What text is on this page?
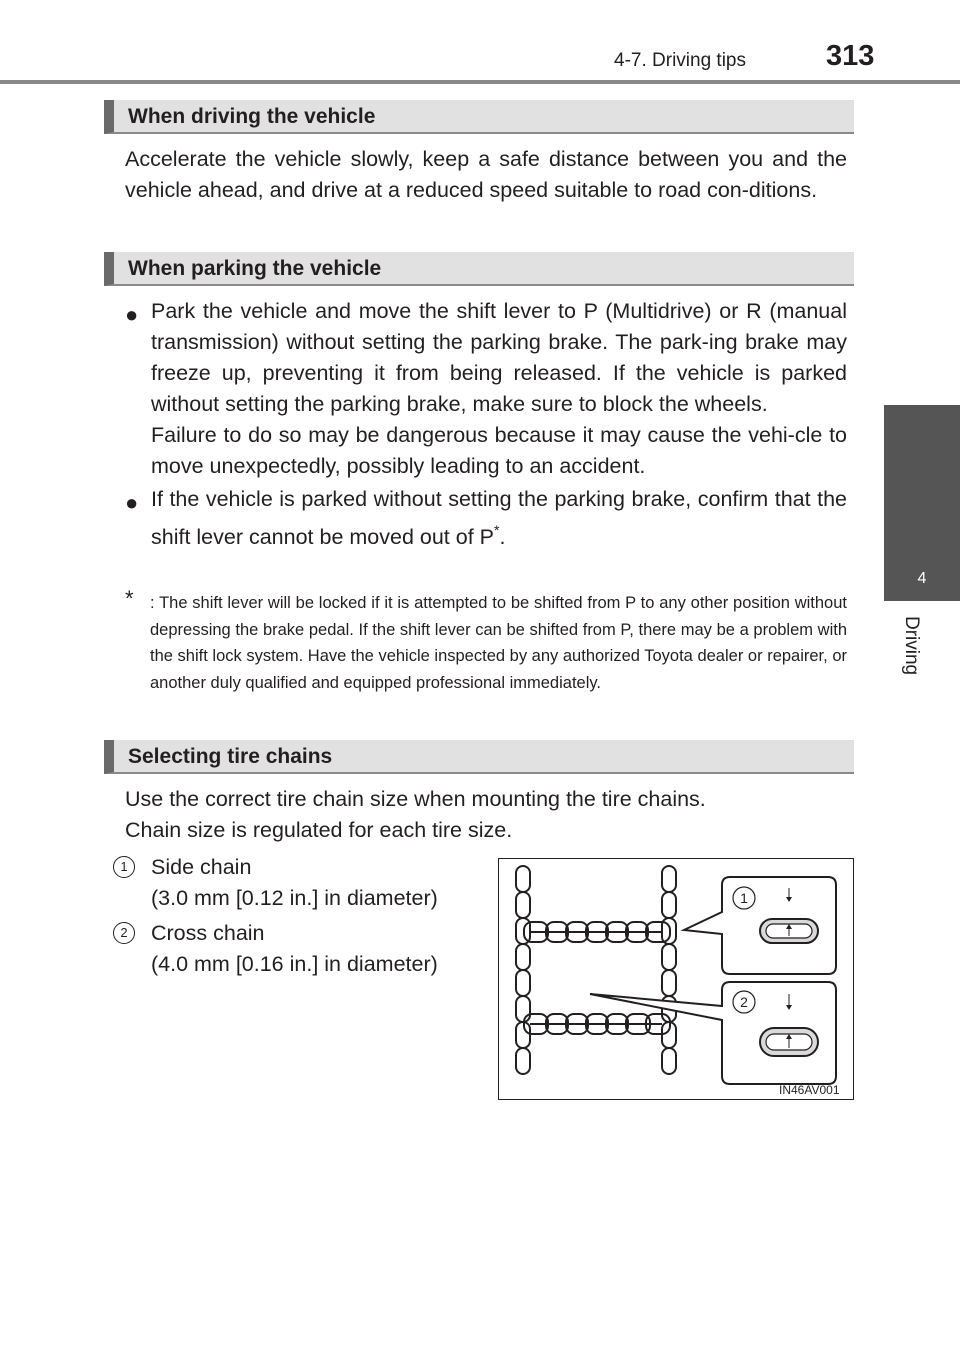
4-7. Driving tips	313
4
Driving
When driving the vehicle
Accelerate the vehicle slowly, keep a safe distance between you and the vehicle ahead, and drive at a reduced speed suitable to road con-ditions.
When parking the vehicle
● Park the vehicle and move the shift lever to P (Multidrive) or R (manual transmission) without setting the parking brake. The park-ing brake may freeze up, preventing it from being released. If the vehicle is parked without setting the parking brake, make sure to block the wheels.

Failure to do so may be dangerous because it may cause the vehi-cle to move unexpectedly, possibly leading to an accident.

● If the vehicle is parked without setting the parking brake, confirm that the shift lever cannot be moved out of P*.

* : The shift lever will be locked if it is attempted to be shifted from P to any other position without depressing the brake pedal. If the shift lever can be shifted from P, there may be a problem with the shift lock system. Have the vehicle inspected by any authorized Toyota dealer or repairer, or another duly qualified and equipped professional immediately.
Selecting tire chains
Use the correct tire chain size when mounting the tire chains.
Chain size is regulated for each tire size.
1	Side chain
(3.0 mm [0.12 in.] in diameter)
2	Cross chain
(4.0 mm [0.16 in.] in diameter)
1
2
IN46AV001
